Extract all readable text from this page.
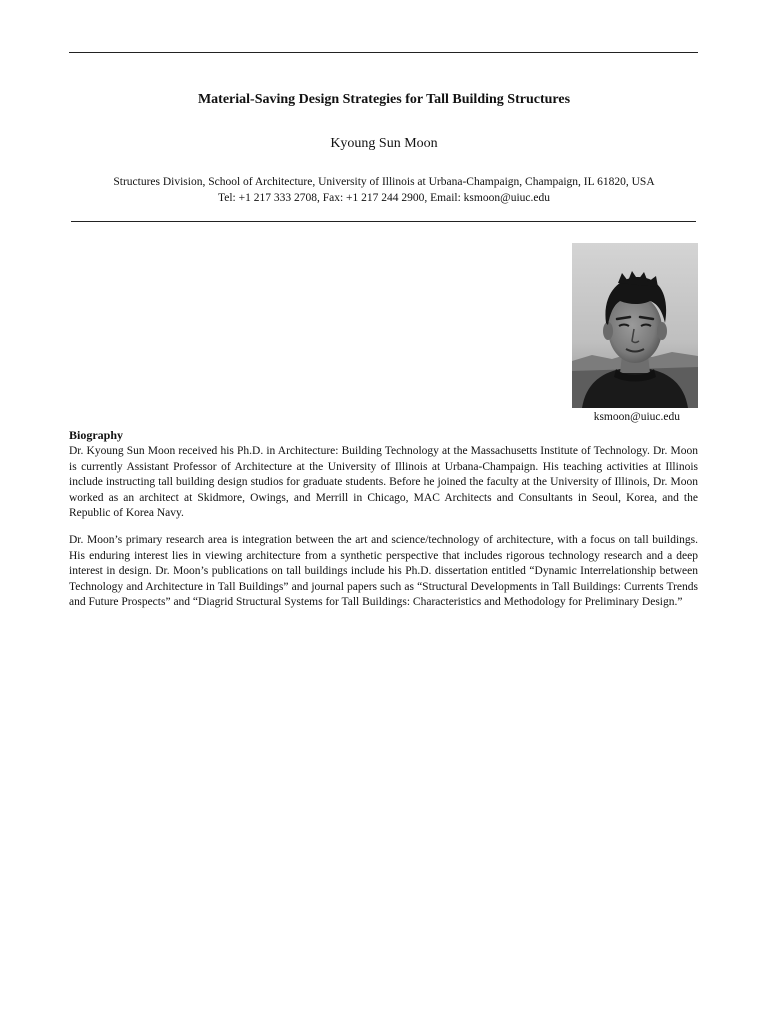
Material-Saving Design Strategies for Tall Building Structures
Kyoung Sun Moon
Structures Division, School of Architecture, University of Illinois at Urbana-Champaign, Champaign, IL 61820, USA
Tel: +1 217 333 2708, Fax: +1 217 244 2900, Email: ksmoon@uiuc.edu
ksmoon@uiuc.edu
Biography

Dr. Kyoung Sun Moon received his Ph.D. in Architecture: Building Technology at the Massachusetts Institute of Technology. Dr. Moon is currently Assistant Professor of Architecture at the University of Illinois at Urbana-Champaign. His teaching activities at Illinois include instructing tall building design studios for graduate students. Before he joined the faculty at the University of Illinois, Dr. Moon worked as an architect at Skidmore, Owings, and Merrill in Chicago, MAC Architects and Consultants in Seoul, Korea, and the Republic of Korea Navy.

Dr. Moon’s primary research area is integration between the art and science/technology of architecture, with a focus on tall buildings. His enduring interest lies in viewing architecture from a synthetic perspective that includes rigorous technology research and a deep interest in design. Dr. Moon’s publications on tall buildings include his Ph.D. dissertation entitled “Dynamic Interrelationship between Technology and Architecture in Tall Buildings” and journal papers such as “Structural Developments in Tall Buildings: Currents Trends and Future Prospects” and “Diagrid Structural Systems for Tall Buildings: Characteristics and Methodology for Preliminary Design.”
